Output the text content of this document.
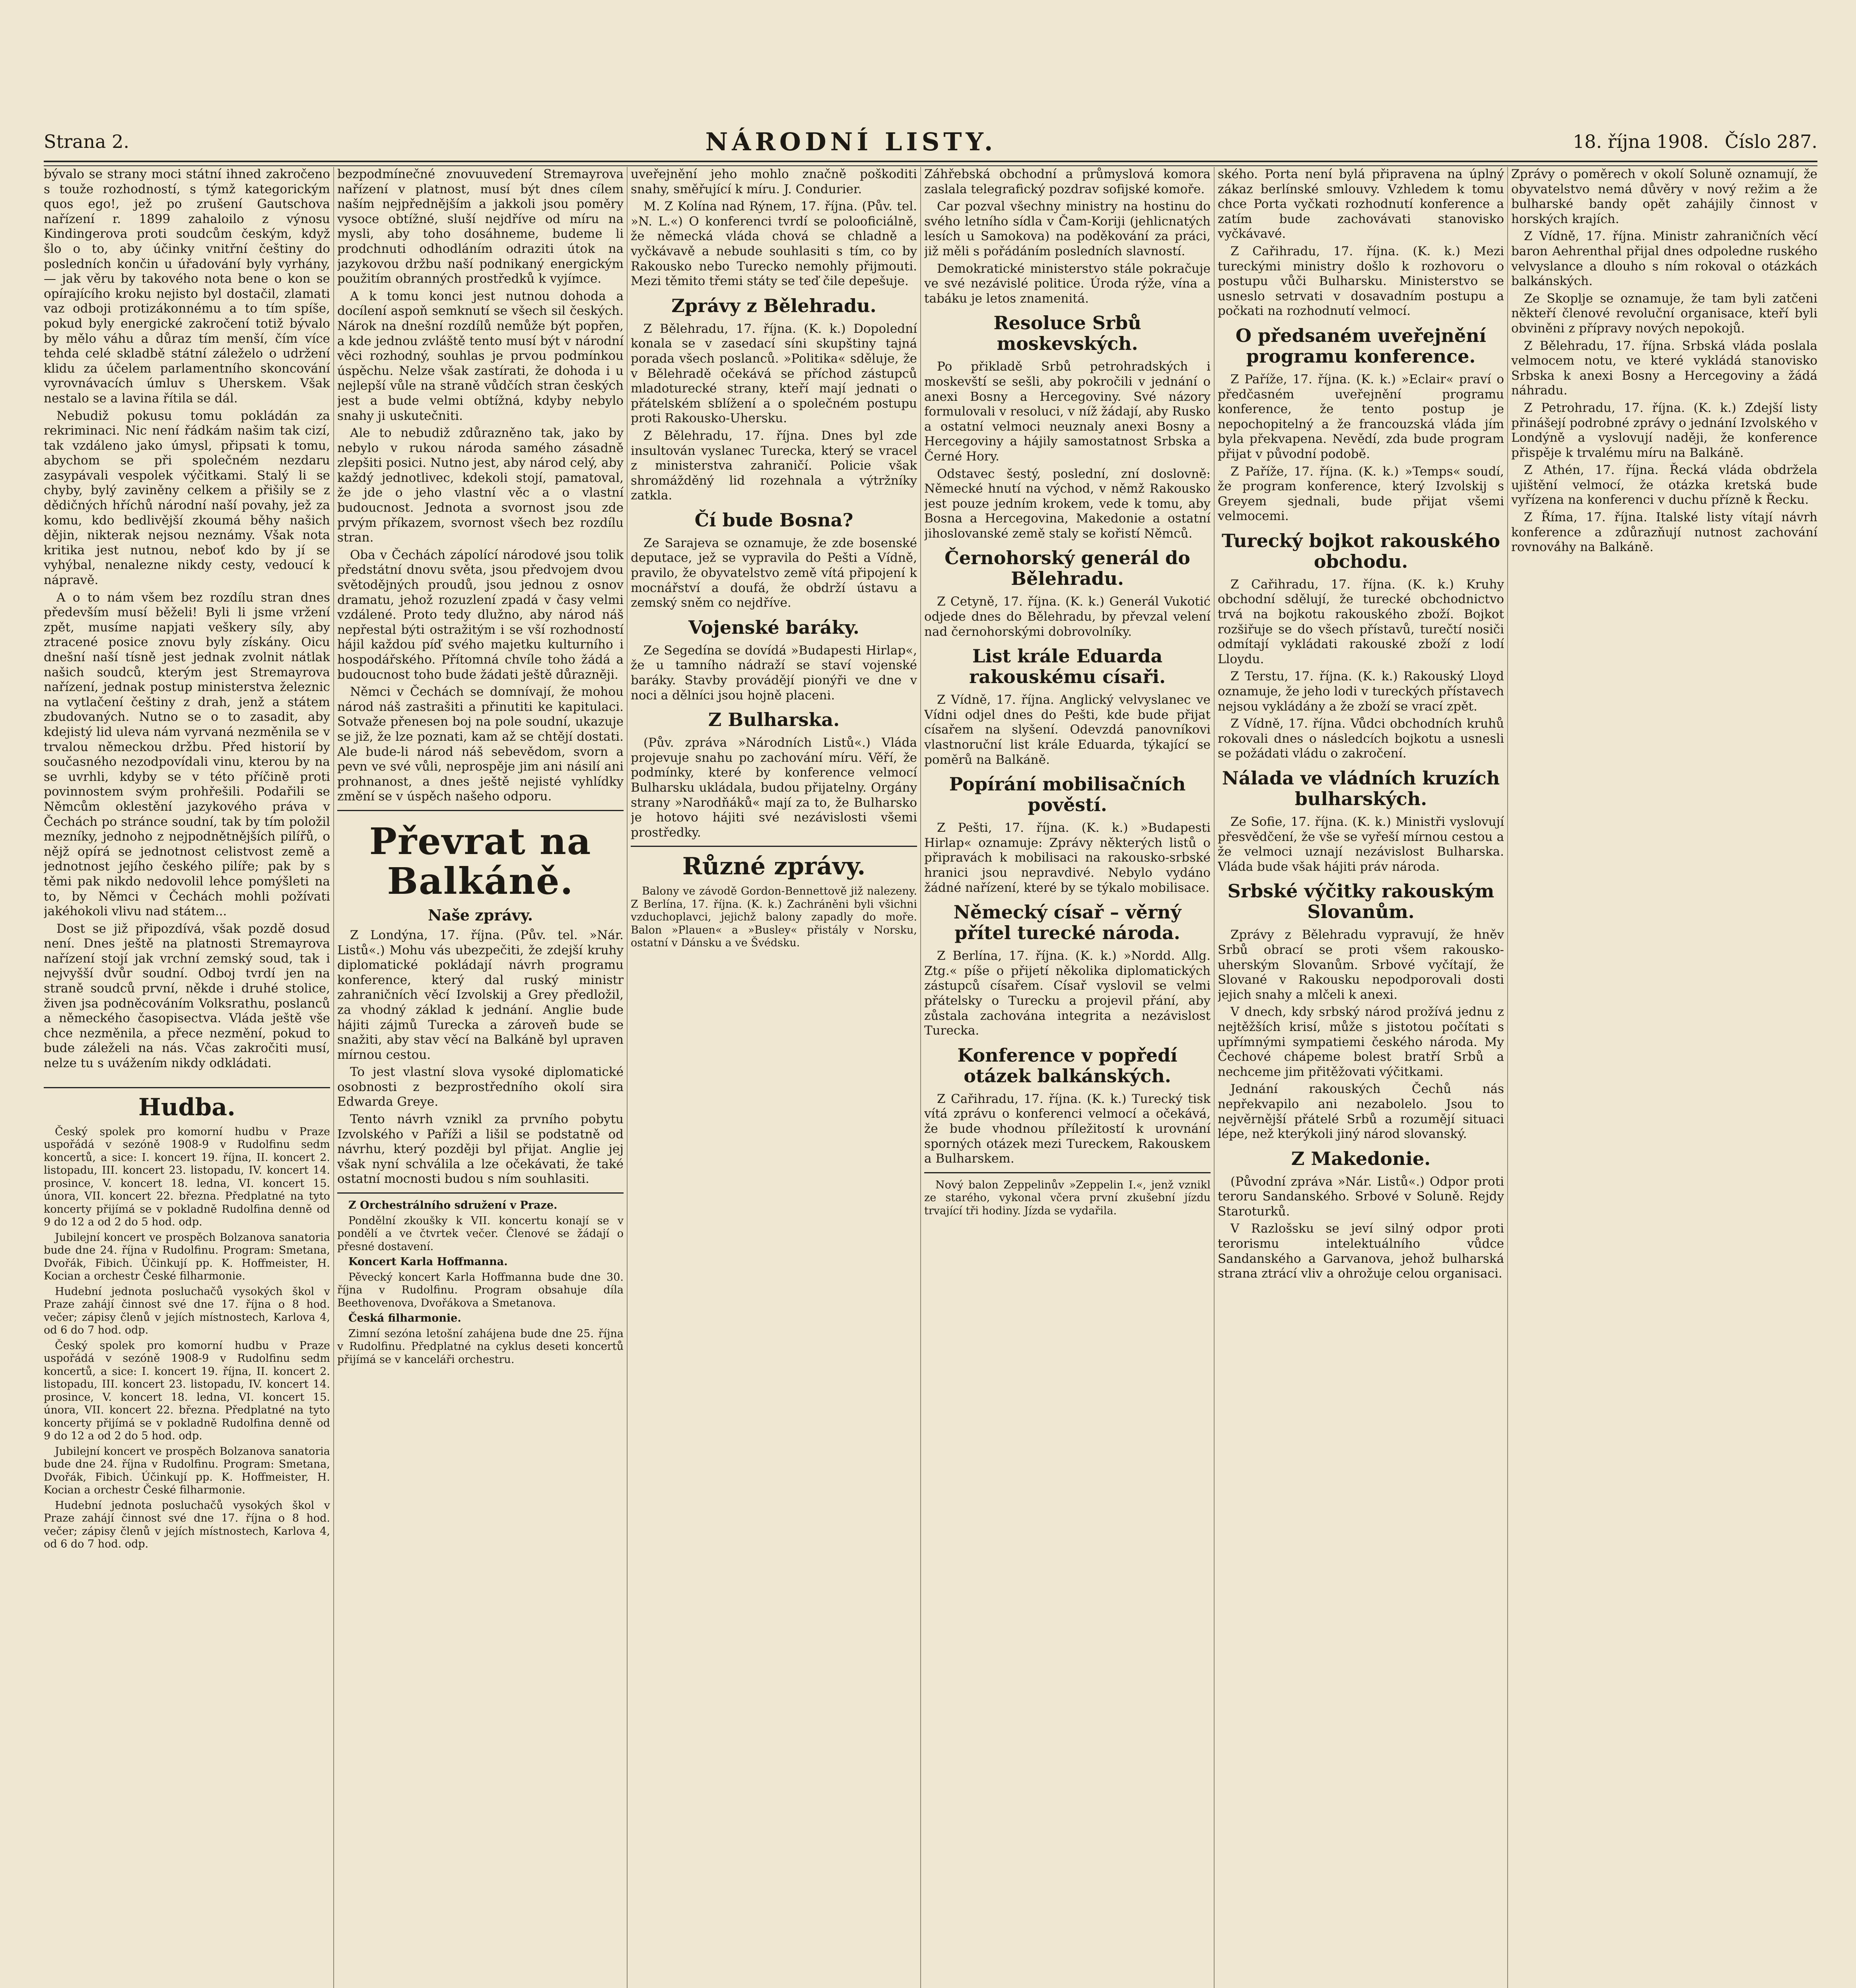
Strana 2.	NÁRODNÍ LISTY.	18. října 1908. Číslo 287.

bývalo se strany moci státní ihned zakročeno s touže rozhodností, s týmž kategorickým quos ego!, jež po zrušení Gautschova nařízení r. 1899 zahaloilo z výnosu Kindingerova proti soudcům českým, když šlo o to, aby účinky vnitřní češtiny do posledních končin u úřadování byly vyrhány, — jak věru by takového nota bene o kon se opírajícího kroku nejisto byl dostačil, zlamati vaz odboji protizákonnému a to tím spíše, pokud byly energické zakročení totiž bývalo by mělo váhu a důraz tím menší, čím více tehda celé skladbě státní záleželo o udržení klidu za účelem parlamentního skoncování vyrovnávacích úmluv s Uherskem. Však nestalo se a lavina řítila se dál.

Nebudiž pokusu tomu pokládán za rekriminaci. Nic není řádkám našim tak cizí, tak vzdáleno jako úmysl, připsati k tomu, abychom se při společném nezdaru zasypávali vespolek výčitkami. Stalý li se chyby, bylý zaviněny celkem a přišily se z dědičných hříchů národní naší povahy, jež za komu, kdo bedlivější zkoumá běhy našich dějin, nikterak nejsou neznámy. Však nota kritika jest nutnou, neboť kdo by jí se vyhýbal, nenalezne nikdy cesty, vedoucí k nápravě.

A o to nám všem bez rozdílu stran dnes především musí běželi! Byli li jsme vržení zpět, musíme napjati veškery síly, aby ztracené posice znovu byly získány. Oicu dnešní naší tísně jest jednak zvolnit nátlak našich soudců, kterým jest Stremayrova nařízení, jednak postup ministerstva železnic na vytlačení češtiny z drah, jenž a státem zbudovaných. Nutno se o to zasadit, aby kdejistý lid uleva nám vyrvaná nezměnila se v trvalou německou držbu. Před historií by současného nezodpovídali vinu, kterou by na se uvrhli, kdyby se v této příčině proti povinnostem svým prohřešili. Podařili se Němcům oklestění jazykového práva v Čechách po stránce soudní, tak by tím položil mezníky, jednoho z nejpodnětnějších pilířů, o nějž opírá se jednotnost celistvost země a jednotnost jejího českého pilíře; pak by s těmi pak nikdo nedovolil lehce pomýšleti na to, by Němci v Čechách mohli požívati jakéhokoli vlivu nad státem...

Dost se již připozdívá, však pozdě dosud není. Dnes ještě na platnosti Stremayrova nařízení stojí jak vrchní zemský soud, tak i nejvyšší dvůr soudní. Odboj tvrdí jen na straně soudců první, někde i druhé stolice, živen jsa podněcováním Volksrathu, poslanců a německého časopisectva. Vláda ještě vše chce nezměnila, a přece nezmění, pokud to bude záleželi na nás. Včas zakročiti musí, nelze tu s uvážením nikdy odkládati.

Hudba.

Český spolek pro komorní hudbu v Praze uspořádá v sezóně 1908-9 v Rudolfinu sedm koncertů, a sice: I. koncert 19. října, II. koncert 2. listopadu, III. koncert 23. listopadu, IV. koncert 14. prosince, V. koncert 18. ledna, VI. koncert 15. února, VII. koncert 22. března. Předplatné na tyto koncerty přijímá se v pokladně Rudolfina denně od 9 do 12 a od 2 do 5 hod. odp.

Jubilejní koncert ve prospěch Bolzanova sanatoria bude dne 24. října v Rudolfinu. Program: Smetana, Dvořák, Fibich. Účinkují pp. K. Hoffmeister, H. Kocian a orchestr České filharmonie.

Hudební jednota posluchačů vysokých škol v Praze zahájí činnost své dne 17. října o 8 hod. večer; zápisy členů v jejích místnostech, Karlova 4, od 6 do 7 hod. odp.

Český spolek pro komorní hudbu v Praze uspořádá v sezóně 1908-9 v Rudolfinu sedm koncertů, a sice: I. koncert 19. října, II. koncert 2. listopadu, III. koncert 23. listopadu, IV. koncert 14. prosince, V. koncert 18. ledna, VI. koncert 15. února, VII. koncert 22. března. Předplatné na tyto koncerty přijímá se v pokladně Rudolfina denně od 9 do 12 a od 2 do 5 hod. odp.

Jubilejní koncert ve prospěch Bolzanova sanatoria bude dne 24. října v Rudolfinu. Program: Smetana, Dvořák, Fibich. Účinkují pp. K. Hoffmeister, H. Kocian a orchestr České filharmonie.

Hudební jednota posluchačů vysokých škol v Praze zahájí činnost své dne 17. října o 8 hod. večer; zápisy členů v jejích místnostech, Karlova 4, od 6 do 7 hod. odp.

bezpodmínečné znovuuvedení Stremayrova nařízení v platnost, musí být dnes cílem naším nejpřednějším a jakkoli jsou poměry vysoce obtížné, sluší nejdříve od míru na mysli, aby toho dosáhneme, budeme li prodchnuti odhodláním odraziti útok na jazykovou držbu naší podnikaný energickým použitím obranných prostředků k vyjímce.

A k tomu konci jest nutnou dohoda a docílení aspoň semknutí se všech sil českých. Nárok na dnešní rozdílů nemůže být popřen, a kde jednou zvláště tento musí být v národní věci rozhodný, souhlas je prvou podmínkou úspěchu. Nelze však zastírati, že dohoda i u nejlepší vůle na straně vůdčích stran českých jest a bude velmi obtížná, kdyby nebylo snahy ji uskutečniti.

Ale to nebudiž zdůrazněno tak, jako by nebylo v rukou národa samého zásadně zlepšiti posici. Nutno jest, aby národ celý, aby každý jednotlivec, kdekoli stojí, pamatoval, že jde o jeho vlastní věc a o vlastní budoucnost. Jednota a svornost jsou zde prvým příkazem, svornost všech bez rozdílu stran.

Oba v Čechách zápolící národové jsou tolik předstátní dnovu světa, jsou předvojem dvou světodějných proudů, jsou jednou z osnov dramatu, jehož rozuzlení zpadá v časy velmi vzdálené. Proto tedy dlužno, aby národ náš nepřestal býti ostražitým i se vší rozhodností hájil každou píď svého majetku kulturního i hospodářského. Přítomná chvíle toho žádá a budoucnost toho bude žádati ještě důrazněji.

Němci v Čechách se domnívají, že mohou národ náš zastrašiti a přinutiti ke kapitulaci. Sotvaže přenesen boj na pole soudní, ukazuje se již, že lze poznati, kam až se chtějí dostati. Ale bude-li národ náš sebevědom, svorn a pevn ve své vůli, neprospěje jim ani násilí ani prohnanost, a dnes ještě nejisté vyhlídky změní se v úspěch našeho odporu.

Převrat na Balkáně.
Naše zprávy.

Z Londýna, 17. října. (Pův. tel. »Nár. Listů«.) Mohu vás ubezpečiti, že zdejší kruhy diplomatické pokládají návrh programu konference, který dal ruský ministr zahraničních věcí Izvolskij a Grey předložil, za vhodný základ k jednání. Anglie bude hájiti zájmů Turecka a zároveň bude se snažiti, aby stav věcí na Balkáně byl upraven mírnou cestou.

To jest vlastní slova vysoké diplomatické osobnosti z bezprostředního okolí sira Edwarda Greye.

Tento návrh vznikl za prvního pobytu Izvolského v Paříži a lišil se podstatně od návrhu, který později byl přijat. Anglie jej však nyní schválila a lze očekávati, že také ostatní mocnosti budou s ním souhlasiti.

Z Orchestrálního sdružení v Praze.

Pondělní zkoušky k VII. koncertu konají se v pondělí a ve čtvrtek večer. Členové se žádají o přesné dostavení.

Koncert Karla Hoffmanna.

Pěvecký koncert Karla Hoffmanna bude dne 30. října v Rudolfinu. Program obsahuje díla Beethovenova, Dvořákova a Smetanova.

Česká filharmonie.

Zimní sezóna letošní zahájena bude dne 25. října v Rudolfinu. Předplatné na cyklus deseti koncertů přijímá se v kanceláři orchestru.

uveřejnění jeho mohlo značně poškoditi snahy, směřující k míru. J. Condurier.

M. Z Kolína nad Rýnem, 17. října. (Pův. tel. »N. L.«) O konferenci tvrdí se polooficiálně, že německá vláda chová se chladně a vyčkávavě a nebude souhlasiti s tím, co by Rakousko nebo Turecko nemohly přijmouti. Mezi těmito třemi státy se teď čile depešuje.

Zprávy z Bělehradu.

Z Bělehradu, 17. října. (K. k.) Dopolední konala se v zasedací síni skupštiny tajná porada všech poslanců. »Politika« sděluje, že v Bělehradě očekává se příchod zástupců mladoturecké strany, kteří mají jednati o přátelském sblížení a o společném postupu proti Rakousko-Uhersku.

Z Bělehradu, 17. října. Dnes byl zde insultován vyslanec Turecka, který se vracel z ministerstva zahraničí. Policie však shromážděný lid rozehnala a výtržníky zatkla.

Čí bude Bosna?

Ze Sarajeva se oznamuje, že zde bosenské deputace, jež se vypravila do Pešti a Vídně, pravilo, že obyvatelstvo země vítá připojení k mocnářství a doufá, že obdrží ústavu a zemský sněm co nejdříve.

Vojenské baráky.

Ze Segedína se dovídá »Budapesti Hirlap«, že u tamního nádraží se staví vojenské baráky. Stavby provádějí pionýři ve dne v noci a dělníci jsou hojně placeni.

Z Bulharska.

(Pův. zpráva »Národních Listů«.) Vláda projevuje snahu po zachování míru. Věří, že podmínky, které by konference velmocí Bulharsku ukládala, budou přijatelny. Orgány strany »Narodňáků« mají za to, že Bulharsko je hotovo hájiti své nezávislosti všemi prostředky.

Různé zprávy.

Balony ve závodě Gordon-Bennettově již nalezeny. Z Berlína, 17. října. (K. k.) Zachráněni byli všichni vzduchoplavci, jejichž balony zapadly do moře. Balon »Plauen« a »Busley« přistály v Norsku, ostatní v Dánsku a ve Švédsku.

Záhřebská obchodní a průmyslová komora zaslala telegrafický pozdrav sofijské komoře.

Car pozval všechny ministry na hostinu do svého letního sídla v Čam-Koriji (jehlicnatých lesích u Samokova) na poděkování za práci, již měli s pořádáním posledních slavností.

Demokratické ministerstvo stále pokračuje ve své nezávislé politice. Úroda rýže, vína a tabáku je letos znamenitá.

Resoluce Srbů moskevských.

Po přikladě Srbů petrohradských i moskevští se sešli, aby pokročili v jednání o anexi Bosny a Hercegoviny. Své názory formulovali v resoluci, v níž žádají, aby Rusko a ostatní velmoci neuznaly anexi Bosny a Hercegoviny a hájily samostatnost Srbska a Černé Hory.

Odstavec šestý, poslední, zní doslovně: Německé hnutí na východ, v němž Rakousko jest pouze jedním krokem, vede k tomu, aby Bosna a Hercegovina, Makedonie a ostatní jihoslovanské země staly se kořistí Němců.

Černohorský generál do Bělehradu.

Z Cetyně, 17. října. (K. k.) Generál Vukotić odjede dnes do Bělehradu, by převzal velení nad černohorskými dobrovolníky.

List krále Eduarda rakouskému císaři.

Z Vídně, 17. října. Anglický velvyslanec ve Vídni odjel dnes do Pešti, kde bude přijat císařem na slyšení. Odevzdá panovníkovi vlastnoruční list krále Eduarda, týkající se poměrů na Balkáně.

Popírání mobilisačních pověstí.

Z Pešti, 17. října. (K. k.) »Budapesti Hirlap« oznamuje: Zprávy některých listů o připravách k mobilisaci na rakousko-srbské hranici jsou nepravdivé. Nebylo vydáno žádné nařízení, které by se týkalo mobilisace.

Německý císař – věrný přítel turecké národa.

Z Berlína, 17. října. (K. k.) »Nordd. Allg. Ztg.« píše o přijetí několika diplomatických zástupců císařem. Císař vyslovil se velmi přátelsky o Turecku a projevil přání, aby zůstala zachována integrita a nezávislost Turecka.

Konference v popředí otázek balkánských.

Z Cařihradu, 17. října. (K. k.) Turecký tisk vítá zprávu o konferenci velmocí a očekává, že bude vhodnou příležitostí k urovnání sporných otázek mezi Tureckem, Rakouskem a Bulharskem.

Nový balon Zeppelinův »Zeppelin I.«, jenž vznikl ze starého, vykonal včera první zkušební jízdu trvající tři hodiny. Jízda se vydařila.

ského. Porta není bylá připravena na úplný zákaz berlínské smlouvy. Vzhledem k tomu chce Porta vyčkati rozhodnutí konference a zatím bude zachovávati stanovisko vyčkávavé.

Z Cařihradu, 17. října. (K. k.) Mezi tureckými ministry došlo k rozhovoru o postupu vůči Bulharsku. Ministerstvo se usneslo setrvati v dosavadním postupu a počkati na rozhodnutí velmocí.

O předsaném uveřejnění programu konference.

Z Paříže, 17. října. (K. k.) »Eclair« praví o předčasném uveřejnění programu konference, že tento postup je nepochopitelný a že francouzská vláda jím byla překvapena. Nevědí, zda bude program přijat v původní podobě.

Z Paříže, 17. října. (K. k.) »Temps« soudí, že program konference, který Izvolskij s Greyem sjednali, bude přijat všemi velmocemi.

Turecký bojkot rakouského obchodu.

Z Cařihradu, 17. října. (K. k.) Kruhy obchodní sdělují, že turecké obchodnictvo trvá na bojkotu rakouského zboží. Bojkot rozšiřuje se do všech přístavů, turečtí nosiči odmítají vykládati rakouské zboží z lodí Lloydu.

Z Terstu, 17. října. (K. k.) Rakouský Lloyd oznamuje, že jeho lodi v tureckých přístavech nejsou vykládány a že zboží se vrací zpět.

Z Vídně, 17. října. Vůdci obchodních kruhů rokovali dnes o následcích bojkotu a usnesli se požádati vládu o zakročení.

Nálada ve vládních kruzích bulharských.

Ze Sofie, 17. října. (K. k.) Ministři vyslovují přesvědčení, že vše se vyřeší mírnou cestou a že velmoci uznají nezávislost Bulharska. Vláda bude však hájiti práv národa.

Srbské výčitky rakouským Slovanům.

Zprávy z Bělehradu vypravují, že hněv Srbů obrací se proti všem rakousko-uherským Slovanům. Srbové vyčítají, že Slované v Rakousku nepodporovali dosti jejich snahy a mlčeli k anexi.

V dnech, kdy srbský národ prožívá jednu z nejtěžších krisí, může s jistotou počítati s upřímnými sympatiemi českého národa. My Čechové chápeme bolest bratří Srbů a nechceme jim přitěžovati výčitkami.

Jednání rakouských Čechů nás nepřekvapilo ani nezabolelo. Jsou to nejvěrnější přátelé Srbů a rozumějí situaci lépe, než kterýkoli jiný národ slovanský.

Z Makedonie.

(Původní zpráva »Nár. Listů«.) Odpor proti teroru Sandanského. Srbové v Soluně. Rejdy Staroturků.

V Razlošsku se jeví silný odpor proti terorismu intelektuálního vůdce Sandanského a Garvanova, jehož bulharská strana ztrácí vliv a ohrožuje celou organisaci.

Zprávy o poměrech v okolí Soluně oznamují, že obyvatelstvo nemá důvěry v nový režim a že bulharské bandy opět zahájily činnost v horských krajích.

Z Vídně, 17. října. Ministr zahraničních věcí baron Aehrenthal přijal dnes odpoledne ruského velvyslance a dlouho s ním rokoval o otázkách balkánských.

Ze Skoplje se oznamuje, že tam byli zatčeni někteří členové revoluční organisace, kteří byli obviněni z přípravy nových nepokojů.

Z Bělehradu, 17. října. Srbská vláda poslala velmocem notu, ve které vykládá stanovisko Srbska k anexi Bosny a Hercegoviny a žádá náhradu.

Z Petrohradu, 17. října. (K. k.) Zdejší listy přinášejí podrobné zprávy o jednání Izvolského v Londýně a vyslovují naději, že konference přispěje k trvalému míru na Balkáně.

Z Athén, 17. října. Řecká vláda obdržela ujištění velmocí, že otázka kretská bude vyřízena na konferenci v duchu přízně k Řecku.

Z Říma, 17. října. Italské listy vítají návrh konference a zdůrazňují nutnost zachování rovnováhy na Balkáně.
